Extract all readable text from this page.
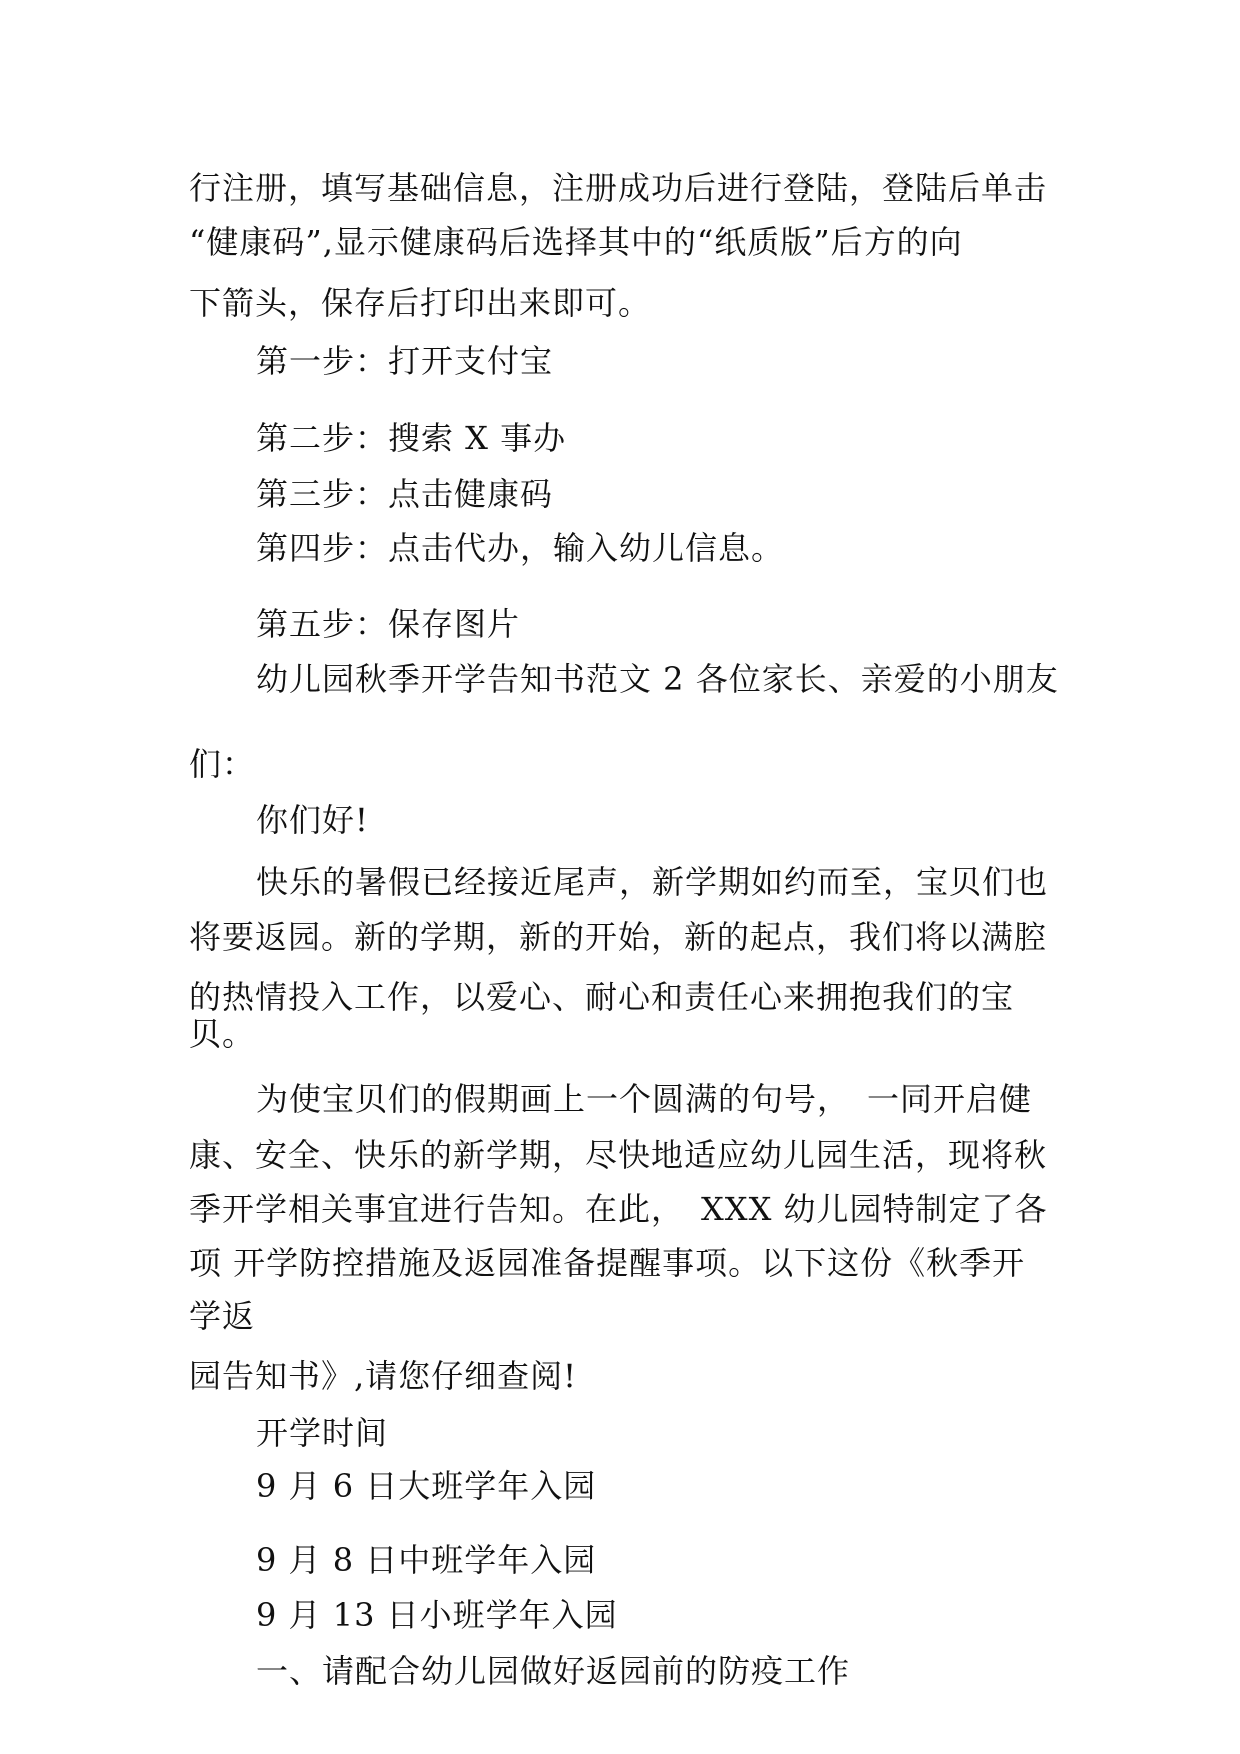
行注册，填写基础信息，注册成功后进行登陆，登陆后单击
“健康码”,显示健康码后选择其中的“纸质版”后方的向
下箭头，保存后打印出来即可。
第一步：打开支付宝
第二步：搜索 X 事办
第三步：点击健康码
第四步：点击代办，输入幼儿信息。
第五步：保存图片
幼儿园秋季开学告知书范文 2 各位家长、亲爱的小朋友
们：
你们好!
快乐的暑假已经接近尾声，新学期如约而至，宝贝们也
将要返园。新的学期，新的开始，新的起点，我们将以满腔
的热情投入工作，以爱心、耐心和责任心来拥抱我们的宝
贝。
为使宝贝们的假期画上一个圆满的句号，　一同开启健
康、安全、快乐的新学期，尽快地适应幼儿园生活，现将秋
季开学相关事宜进行告知。在此，　XXX 幼儿园特制定了各
项 开学防控措施及返园准备提醒事项。以下这份《秋季开
学返
园告知书》,请您仔细查阅!
开学时间
9 月 6 日大班学年入园
9 月 8 日中班学年入园
9 月 13 日小班学年入园
一、请配合幼儿园做好返园前的防疫工作
